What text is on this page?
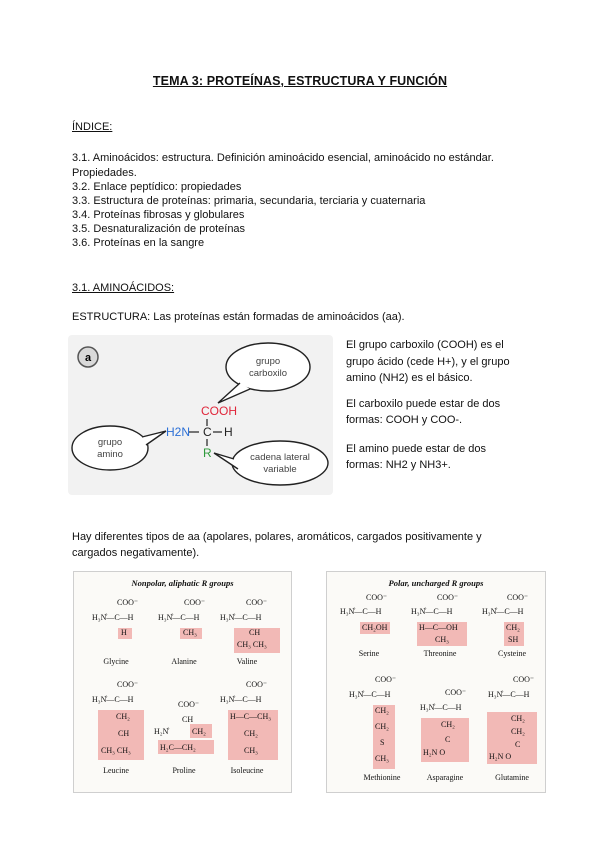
TEMA 3: PROTEÍNAS, ESTRUCTURA Y FUNCIÓN
ÍNDICE:
3.1. Aminoácidos: estructura. Definición aminoácido esencial, aminoácido no estándar.
Propiedades.
3.2. Enlace peptídico: propiedades
3.3. Estructura de proteínas: primaria, secundaria, terciaria y cuaternaria
3.4. Proteínas fibrosas y globulares
3.5. Desnaturalización de proteínas
3.6. Proteínas en la sangre
3.1. AMINOÁCIDOS:
ESTRUCTURA: Las proteínas están formadas de aminoácidos (aa).
a	grupo
carboxilo
grupo
amino	cadena lateral
variable
COOH
H2N C H
R
El grupo carboxilo (COOH) es el
grupo ácido (cede H+), y el grupo
amino (NH2) es el básico.
El carboxilo puede estar de dos
formas: COOH y COO-.
El amino puede estar de dos
formas: NH2 y NH3+.
Hay diferentes tipos de aa (apolares, polares, aromáticos, cargados positivamente y
cargados negativamente).
Nonpolar, aliphatic R groups
COO⁻
H₃N̊—C—H
H
Glycine
COO⁻
H₃N̊—C—H
CH₃
Alanine
COO⁻
H₃N̊—C—H
CH
CH₃ CH₃
Valine
COO⁻
H₃N̊—C—H
CH₂
CH
CH₃ CH₃
Leucine
COO⁻
H₂N̊
CH
CH₂
H₂C—CH₂
Proline
COO⁻
H₃N̊—C—H
H—C—CH₃
CH₂
CH₃
Isoleucine
Polar, uncharged R groups
COO⁻
H₃N̊—C—H
CH₂OH
Serine
COO⁻
H₃N̊—C—H
H—C—OH
CH₃
Threonine
COO⁻
H₃N̊—C—H
CH₂
SH
Cysteine
COO⁻
H₃N̊—C—H
CH₂
CH₂
S
CH₃
Methionine
COO⁻
H₃N̊—C—H
CH₂
C
H₂N O
Asparagine
COO⁻
H₃N̊—C—H
CH₂
CH₂
C
H₂N O
Glutamine
